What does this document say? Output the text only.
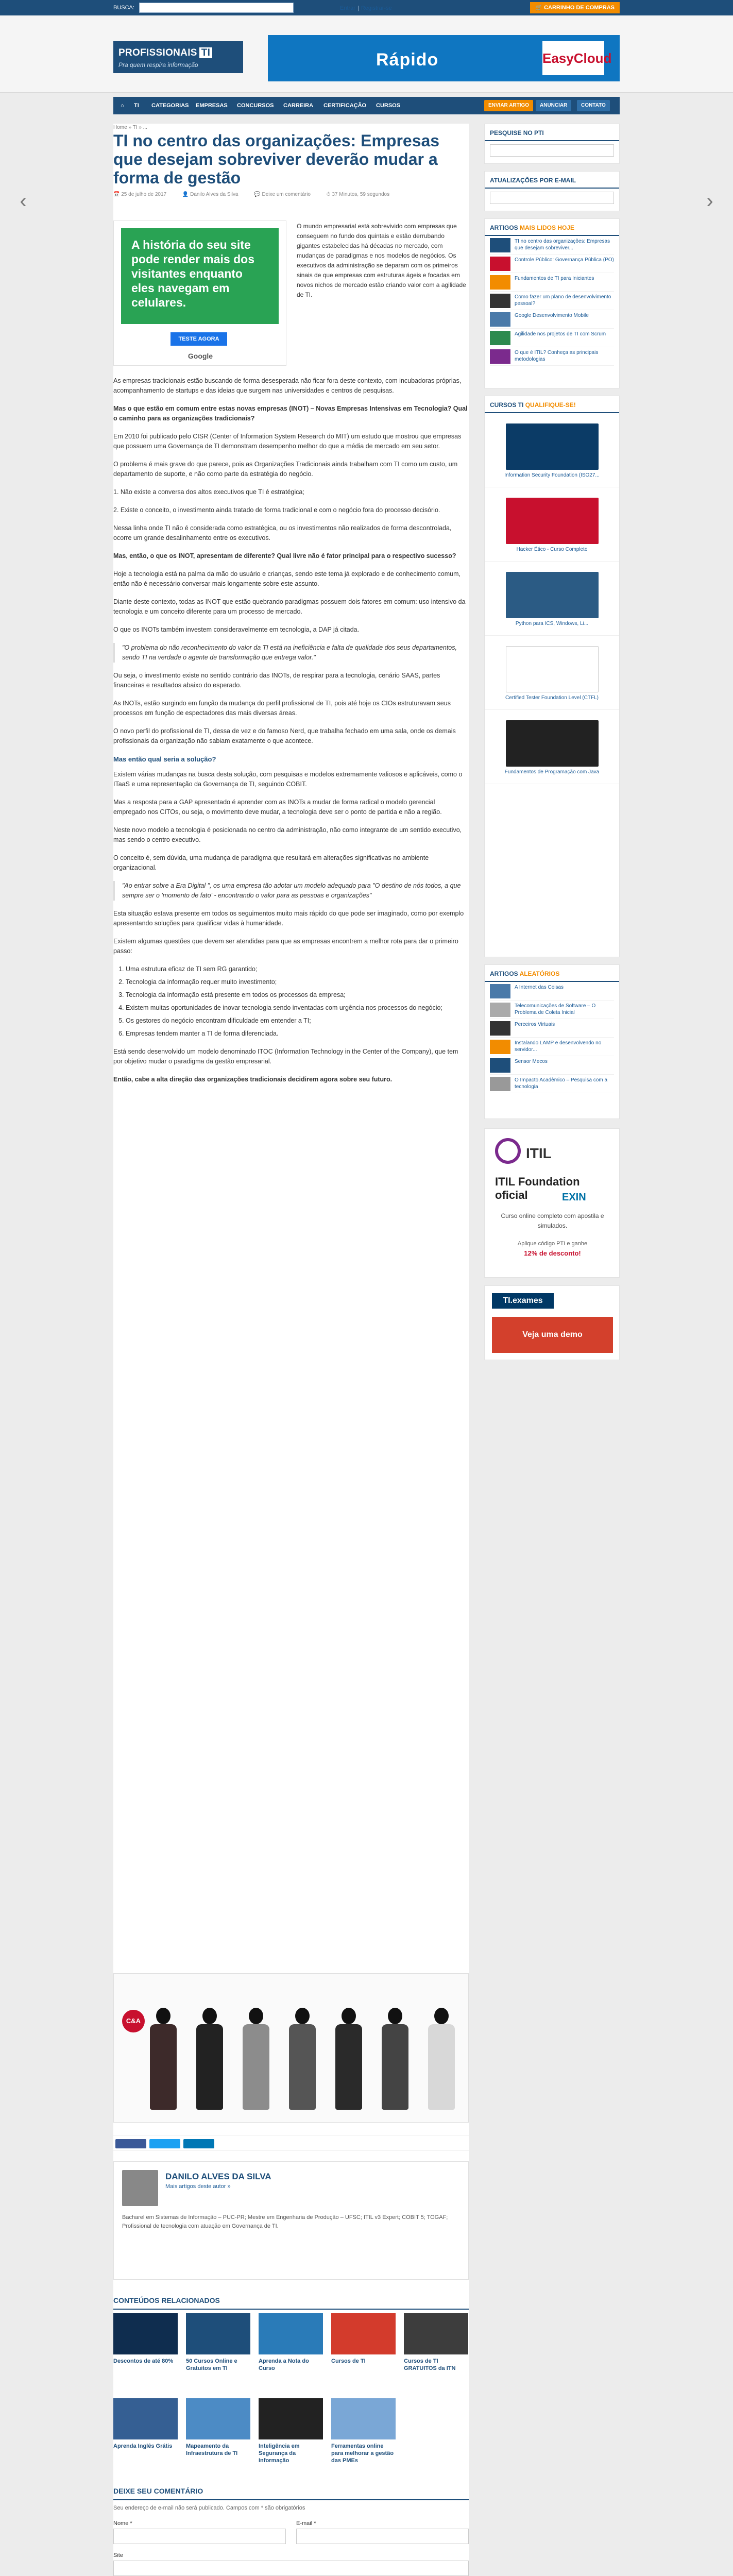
BUSCA:	Entrar | Registrar-se	🛒 CARRINHO DE COMPRAS
PROFISSIONAIS TI
Pra quem respira informação	Rápido	EasyCloud
⌂ TI CATEGORIAS EMPRESAS CONCURSOS CARREIRA CERTIFICAÇÃO CURSOS	ENVIAR ARTIGO	ANUNCIAR	CONTATO
‹	›
Home » TI » ...
TI no centro das organizações: Empresas que desejam sobreviver deverão mudar a forma de gestão
📅 25 de julho de 2017	👤 Danilo Alves da Silva	💬 Deixe um comentário	⏱ 37 Minutos, 59 segundos
A história do seu site pode render mais dos visitantes enquanto eles navegam em celulares.
TESTE AGORA
Google
O mundo empresarial está sobrevivido com empresas que conseguem no fundo dos quintais e estão derrubando gigantes estabelecidas há décadas no mercado, com mudanças de paradigmas e nos modelos de negócios. Os executivos da administração se deparam com os primeiros sinais de que empresas com estruturas ágeis e focadas em novos nichos de mercado estão criando valor com a agilidade de TI.

As empresas tradicionais estão buscando de forma desesperada não ficar fora deste contexto, com incubadoras próprias, acompanhamento de startups e das ideias que surgem nas universidades e centros de pesquisas.

Mas o que estão em comum entre estas novas empresas (INOT) – Novas Empresas Intensivas em Tecnologia? Qual o caminho para as organizações tradicionais?

Em 2010 foi publicado pelo CISR (Center of Information System Research do MIT) um estudo que mostrou que empresas que possuem uma Governança de TI demonstram desempenho melhor do que a média de mercado em seu setor.

O problema é mais grave do que parece, pois as Organizações Tradicionais ainda trabalham com TI como um custo, um departamento de suporte, e não como parte da estratégia do negócio.

1. Não existe a conversa dos altos executivos que TI é estratégica;

2. Existe o conceito, o investimento ainda tratado de forma tradicional e com o negócio fora do processo decisório.

Nessa linha onde TI não é considerada como estratégica, ou os investimentos não realizados de forma descontrolada, ocorre um grande desalinhamento entre os executivos.

Mas, então, o que os INOT, apresentam de diferente? Qual livre não é fator principal para o respectivo sucesso?

Hoje a tecnologia está na palma da mão do usuário e crianças, sendo este tema já explorado e de conhecimento comum, então não é necessário conversar mais longamente sobre este assunto.

Diante deste contexto, todas as INOT que estão quebrando paradigmas possuem dois fatores em comum: uso intensivo da tecnologia e um conceito diferente para um processo de mercado.

O que os INOTs também investem consideravelmente em tecnologia, a DAP já citada.

"O problema do não reconhecimento do valor da TI está na ineficiência e falta de qualidade dos seus departamentos, sendo TI na verdade o agente de transformação que entrega valor."

Ou seja, o investimento existe no sentido contrário das INOTs, de respirar para a tecnologia, cenário SAAS, partes financeiras e resultados abaixo do esperado.

As INOTs, estão surgindo em função da mudança do perfil profissional de TI, pois até hoje os CIOs estruturavam seus processos em função de espectadores das mais diversas áreas.

O novo perfil do profissional de TI, dessa de vez e do famoso Nerd, que trabalha fechado em uma sala, onde os demais profissionais da organização não sabiam exatamente o que acontece.

Mas então qual seria a solução?

Existem várias mudanças na busca desta solução, com pesquisas e modelos extremamente valiosos e aplicáveis, como o ITaaS e uma representação da Governança de TI, seguindo COBIT.

Mas a resposta para a GAP apresentado é aprender com as INOTs a mudar de forma radical o modelo gerencial empregado nos CITOs, ou seja, o movimento deve mudar, a tecnologia deve ser o ponto de partida e não a região.

Neste novo modelo a tecnologia é posicionada no centro da administração, não como integrante de um sentido executivo, mas sendo o centro executivo.

O conceito é, sem dúvida, uma mudança de paradigma que resultará em alterações significativas no ambiente organizacional.

"Ao entrar sobre a Era Digital ", os uma empresa tão adotar um modelo adequado para "O destino de nós todos, a que sempre ser o 'momento de fato' - encontrando o valor para as pessoas e organizações"

Esta situação estava presente em todos os seguimentos muito mais rápido do que pode ser imaginado, como por exemplo apresentando soluções para qualificar vidas à humanidade.

Existem algumas questões que devem ser atendidas para que as empresas encontrem a melhor rota para dar o primeiro passo:

1. Uma estrutura eficaz de TI sem RG garantido;
2. Tecnologia da informação requer muito investimento;
3. Tecnologia da informação está presente em todos os processos da empresa;
4. Existem muitas oportunidades de inovar tecnologia sendo inventadas com urgência nos processos do negócio;
5. Os gestores do negócio encontram dificuldade em entender a TI;
6. Empresas tendem manter a TI de forma diferenciada.

Está sendo desenvolvido um modelo denominado ITOC (Information Technology in the Center of the Company), que tem por objetivo mudar o paradigma da gestão empresarial.

Então, cabe a alta direção das organizações tradicionais decidirem agora sobre seu futuro.

C&A
DANILO ALVES DA SILVA
Mais artigos deste autor »
Bacharel em Sistemas de Informação – PUC-PR; Mestre em Engenharia de Produção – UFSC; ITIL v3 Expert; COBIT 5; TOGAF; Profissional de tecnologia com atuação em Governança de TI.
CONTEÚDOS RELACIONADOS
Descontos de até 80%	50 Cursos Online e Gratuitos em TI
Aprenda a Nota do Curso
Cursos de TI	Cursos de TI GRATUITOS da ITN
Aprenda Inglês Grátis	Mapeamento da Infraestrutura de TI
Inteligência em Segurança da Informação
Ferramentas online para melhorar a gestão das PMEs
DEIXE SEU COMENTÁRIO
Seu endereço de e-mail não será publicado. Campos com * são obrigatórios
Nome *	E-mail *
Site
PESQUISE NO PTI
ATUALIZAÇÕES POR E-MAIL
ARTIGOS MAIS LIDOS HOJE
TI no centro das organizações: Empresas que desejam sobreviver...
Controle Público: Governança Pública (PO)
Fundamentos de TI para Iniciantes
Como fazer um plano de desenvolvimento pessoal?
Google Desenvolvimento Mobile
Agilidade nos projetos de TI com Scrum
O que é ITIL? Conheça as principais metodologias
CURSOS TI QUALIFIQUE-SE!
Information Security Foundation (ISO27...
Hacker Ético - Curso Completo
Python para ICS, Windows, Li...
Certified Tester Foundation Level (CTFL)
Fundamentos de Programação com Java
ARTIGOS ALEATÓRIOS
A Internet das Coisas
Telecomunicações de Software – O Problema de Coleta Inicial
Perceiros Virtuais
Instalando LAMP e desenvolvendo no servidor...
Sensor Mecos
O Impacto Acadêmico – Pesquisa com a tecnologia
ITIL
ITIL Foundation oficial	EXIN
Curso online completo com apostila e simulados.
Aplique código PTI e ganhe
12% de desconto!
TI.exames
Veja uma demo
